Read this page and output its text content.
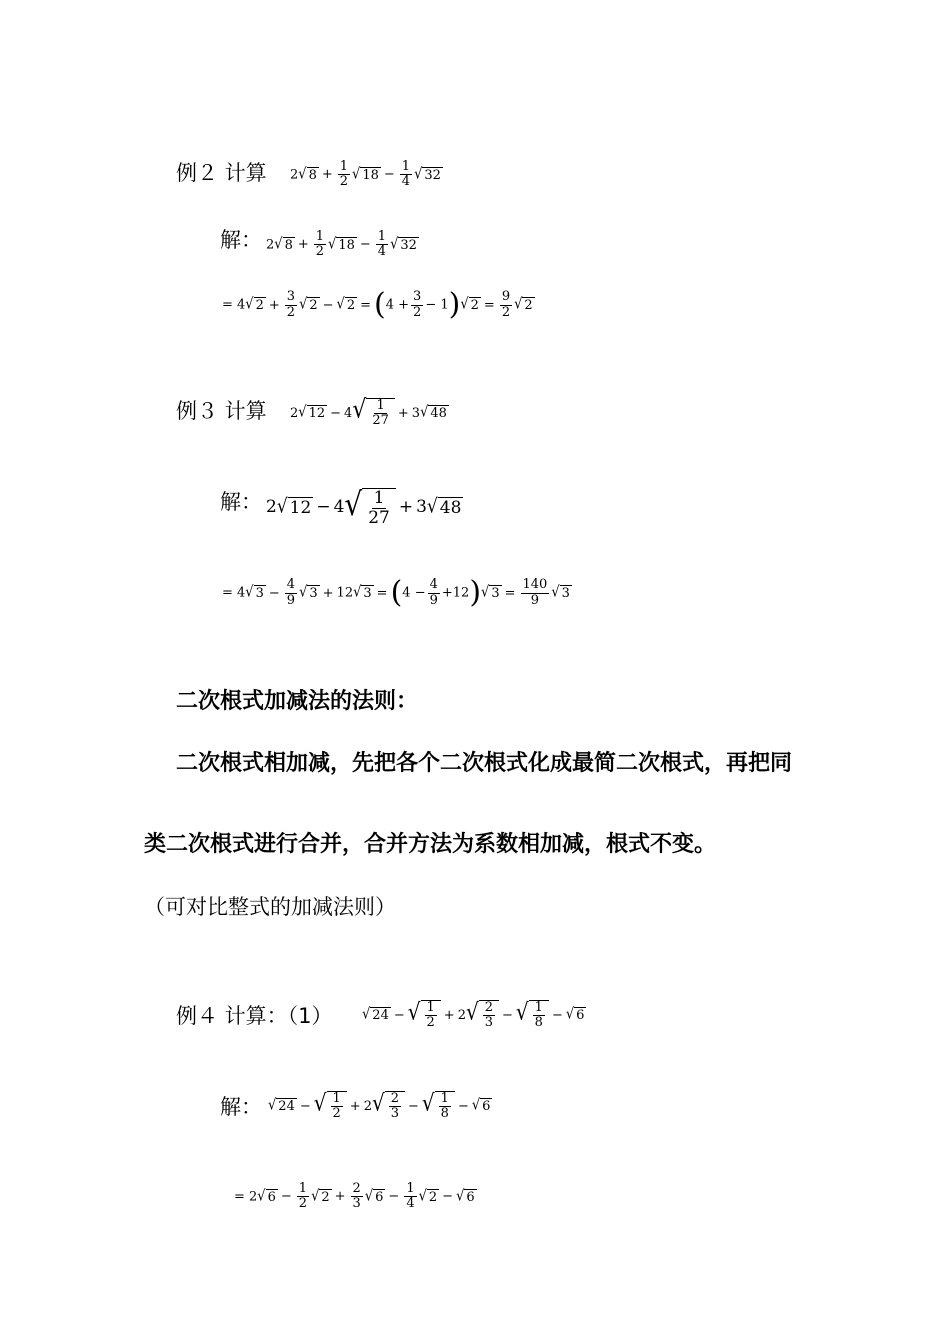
例２ 计算 2 √ $8 + \frac{1}{2}$ √ $18 - \frac{1}{4}$ √ 32
解： 2 √ $8 + \frac{1}{2}$ √ $18 - \frac{1}{4}$ √ 32
= 4 √ $2 + \frac{3}{2}$ √ 2 − √ $2 = (4 + \frac{3}{2} - 1)$ √ $2 = \frac{9}{2}$ √ 2
例３ 计算 2 √ 12 − 4 √ $\frac{1}{27} + 3$ √ 48
解： 2 √ 12 − 4 √ $\frac{1}{27} + 3$ √ 48
= 4 √ $3 - \frac{4}{9}$ √ 3 + 12 √ $3 = (4 - \frac{4}{9} +12)$ √ $3 = \frac{140}{9}$ √ 3
二次根式加减法的法则：
二次根式相加减，先把各个二次根式化成最简二次根式，再把同
类二次根式进行合并，合并方法为系数相加减，根式不变。
（可对比整式的加减法则）
例４ 计算：（1） √ 24 − √ $\frac{1}{2} + 2$ √ $\frac{2}{3}$ − √ $\frac{1}{8}$ − √ 6
解： √ 24 − √ $\frac{1}{2} + 2$ √ $\frac{2}{3}$ − √ $\frac{1}{8}$ − √ 6
= 2 √ $6 - \frac{1}{2}$ √ $2 + \frac{2}{3}$ √ $6 - \frac{1}{4}$ √ 2 − √ 6
